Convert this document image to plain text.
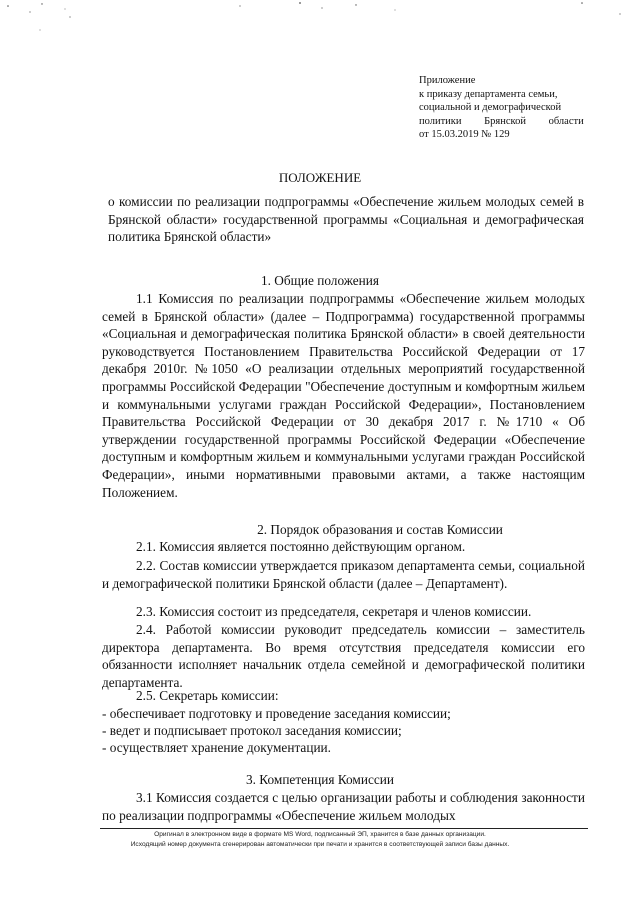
Приложение
к приказу департамента семьи,
социальной и демографической
политики Брянской области
от 15.03.2019 № 129
ПОЛОЖЕНИЕ
о комиссии по реализации подпрограммы «Обеспечение жильем молодых семей в Брянской области» государственной программы «Социальная и демографическая политика Брянской области»
1. Общие положения
1.1 Комиссия по реализации подпрограммы «Обеспечение жильем молодых семей в Брянской области» (далее – Подпрограмма) государственной программы «Социальная и демографическая политика Брянской области» в своей деятельности руководствуется Постановлением Правительства Российской Федерации от 17 декабря 2010г. №1050 «О реализации отдельных мероприятий государственной программы Российской Федерации "Обеспечение доступным и комфортным жильем и коммунальными услугами граждан Российской Федерации», Постановлением Правительства Российской Федерации от 30 декабря 2017 г. №1710 « Об утверждении государственной программы Российской Федерации «Обеспечение доступным и комфортным жильем и коммунальными услугами граждан Российской Федерации», иными нормативными правовыми актами, а также настоящим Положением.
2. Порядок образования и состав Комиссии
2.1. Комиссия является постоянно действующим органом.
2.2. Состав комиссии утверждается приказом департамента семьи, социальной и демографической политики Брянской области (далее – Департамент).
2.3. Комиссия состоит из председателя, секретаря и членов комиссии.
2.4. Работой комиссии руководит председатель комиссии – заместитель директора департамента. Во время отсутствия председателя комиссии его обязанности исполняет начальник отдела семейной и демографической политики департамента.
2.5. Секретарь комиссии:
- обеспечивает подготовку и проведение заседания комиссии;
- ведет и подписывает протокол заседания комиссии;
- осуществляет хранение документации.
3. Компетенция Комиссии
3.1 Комиссия создается с целью организации работы и соблюдения законности по реализации подпрограммы «Обеспечение жильем молодых
Оригинал в электронном виде в формате MS Word, подписанный ЭП, хранится в базе данных организации.
Исходящий номер документа сгенерирован автоматически при печати и хранится в соответствующей записи базы данных.
